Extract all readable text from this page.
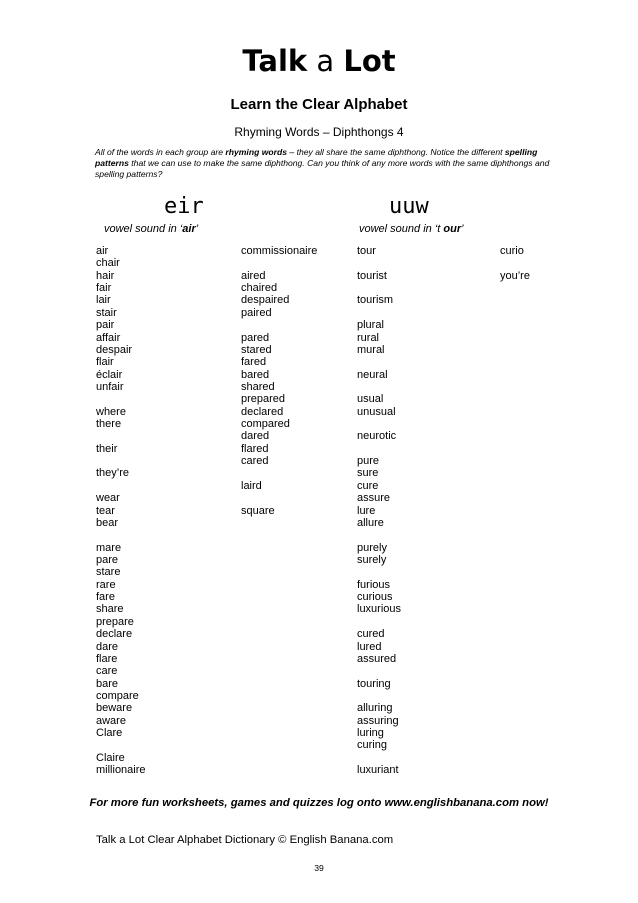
Talk a Lot
Learn the Clear Alphabet
Rhyming Words – Diphthongs 4
All of the words in each group are rhyming words – they all share the same diphthong. Notice the different spelling patterns that we can use to make the same diphthong. Can you think of any more words with the same diphthongs and spelling patterns?
eir	uuw
vowel sound in ‘air’	vowel sound in ‘t our’
air
chair
hair
fair
lair
stair
pair
affair
despair
flair
éclair
unfair
where
there
their
they’re
wear
tear
bear
mare
pare
stare
rare
fare
share
prepare
declare
dare
flare
care
bare
compare
beware
aware
Clare
Claire
millionaire
commissionaire
aired
chaired
despaired
paired
pared
stared
fared
bared
shared
prepared
declared
compared
dared
flared
cared
laird
square
tour
tourist
tourism
plural
rural
mural
neural
usual
unusual
neurotic
pure
sure
cure
assure
lure
allure
purely
surely
furious
curious
luxurious
cured
lured
assured
touring
alluring
assuring
luring
curing
luxuriant
curio
you’re
For more fun worksheets, games and quizzes log onto www.englishbanana.com now!
Talk a Lot Clear Alphabet Dictionary © English Banana.com
39
